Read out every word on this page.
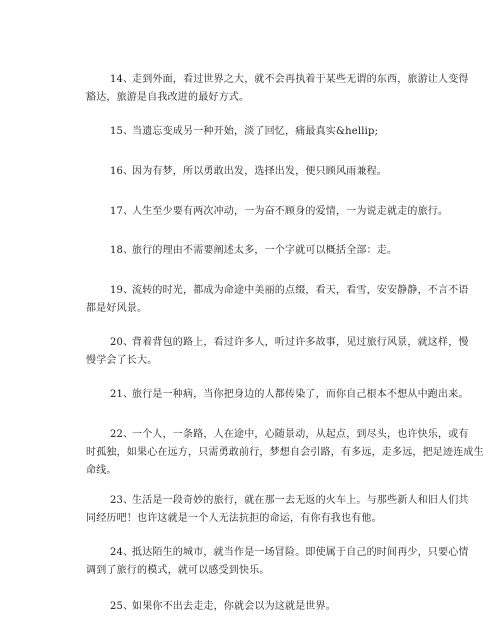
14、走到外面，看过世界之大，就不会再执着于某些无谓的东西，旅游让人变得
豁达，旅游是自我改进的最好方式。
15、当遗忘变成另一种开始，淡了回忆，痛最真实&hellip;
16、因为有梦，所以勇敢出发，选择出发，便只顾风雨兼程。
17、人生至少要有两次冲动，一为奋不顾身的爱情，一为说走就走的旅行。
18、旅行的理由不需要阐述太多，一个字就可以概括全部：走。
19、流转的时光，都成为命途中美丽的点缀，看天，看雪，安安静静，不言不语
都是好风景。
20、背着背包的路上，看过许多人，听过许多故事，见过旅行风景，就这样，慢
慢学会了长大。
21、旅行是一种病，当你把身边的人都传染了，而你自己根本不想从中跑出来。
22、一个人，一条路，人在途中，心随景动，从起点，到尽头，也许快乐，或有
时孤独，如果心在远方，只需勇敢前行，梦想自会引路，有多远，走多远，把足迹连成生
命线。
23、生活是一段奇妙的旅行，就在那一去无返的火车上。与那些新人和旧人们共
同经历吧！也许这就是一个人无法抗拒的命运，有你有我也有他。
24、抵达陌生的城市，就当作是一场冒险。即使属于自己的时间再少，只要心情
调到了旅行的模式，就可以感受到快乐。
25、如果你不出去走走，你就会以为这就是世界。
